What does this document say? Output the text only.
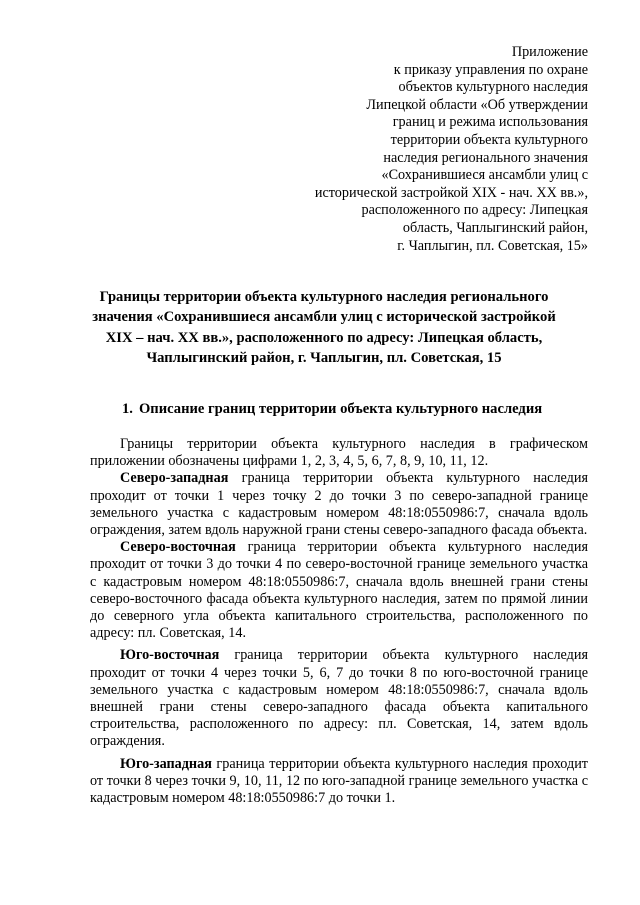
Приложение
к приказу управления по охране
объектов культурного наследия
Липецкой области «Об утверждении
границ и режима использования
территории объекта культурного
наследия регионального значения
«Сохранившиеся ансамбли улиц с
исторической застройкой XIX - нач. XX вв.»,
расположенного по адресу: Липецкая
область, Чаплыгинский район,
г. Чаплыгин, пл. Советская, 15»
Границы территории объекта культурного наследия регионального
значения «Сохранившиеся ансамбли улиц с исторической застройкой
XIX – нач. XX вв.», расположенного по адресу: Липецкая область,
Чаплыгинский район, г. Чаплыгин, пл. Советская, 15
1. Описание границ территории объекта культурного наследия

Границы территории объекта культурного наследия в графическом приложении обозначены цифрами 1, 2, 3, 4, 5, 6, 7, 8, 9, 10, 11, 12.

Северо-западная граница территории объекта культурного наследия проходит от точки 1 через точку 2 до точки 3 по северо-западной границе земельного участка с кадастровым номером 48:18:0550986:7, сначала вдоль ограждения, затем вдоль наружной грани стены северо-западного фасада объекта.

Северо-восточная граница территории объекта культурного наследия проходит от точки 3 до точки 4 по северо-восточной границе земельного участка с кадастровым номером 48:18:0550986:7, сначала вдоль внешней грани стены северо-восточного фасада объекта культурного наследия, затем по прямой линии до северного угла объекта капитального строительства, расположенного по адресу: пл. Советская, 14.

Юго-восточная граница территории объекта культурного наследия проходит от точки 4 через точки 5, 6, 7 до точки 8 по юго-восточной границе земельного участка с кадастровым номером 48:18:0550986:7, сначала вдоль внешней грани стены северо-западного фасада объекта капитального строительства, расположенного по адресу: пл. Советская, 14, затем вдоль ограждения.

Юго-западная граница территории объекта культурного наследия проходит от точки 8 через точки 9, 10, 11, 12 по юго-западной границе земельного участка с кадастровым номером 48:18:0550986:7 до точки 1.
